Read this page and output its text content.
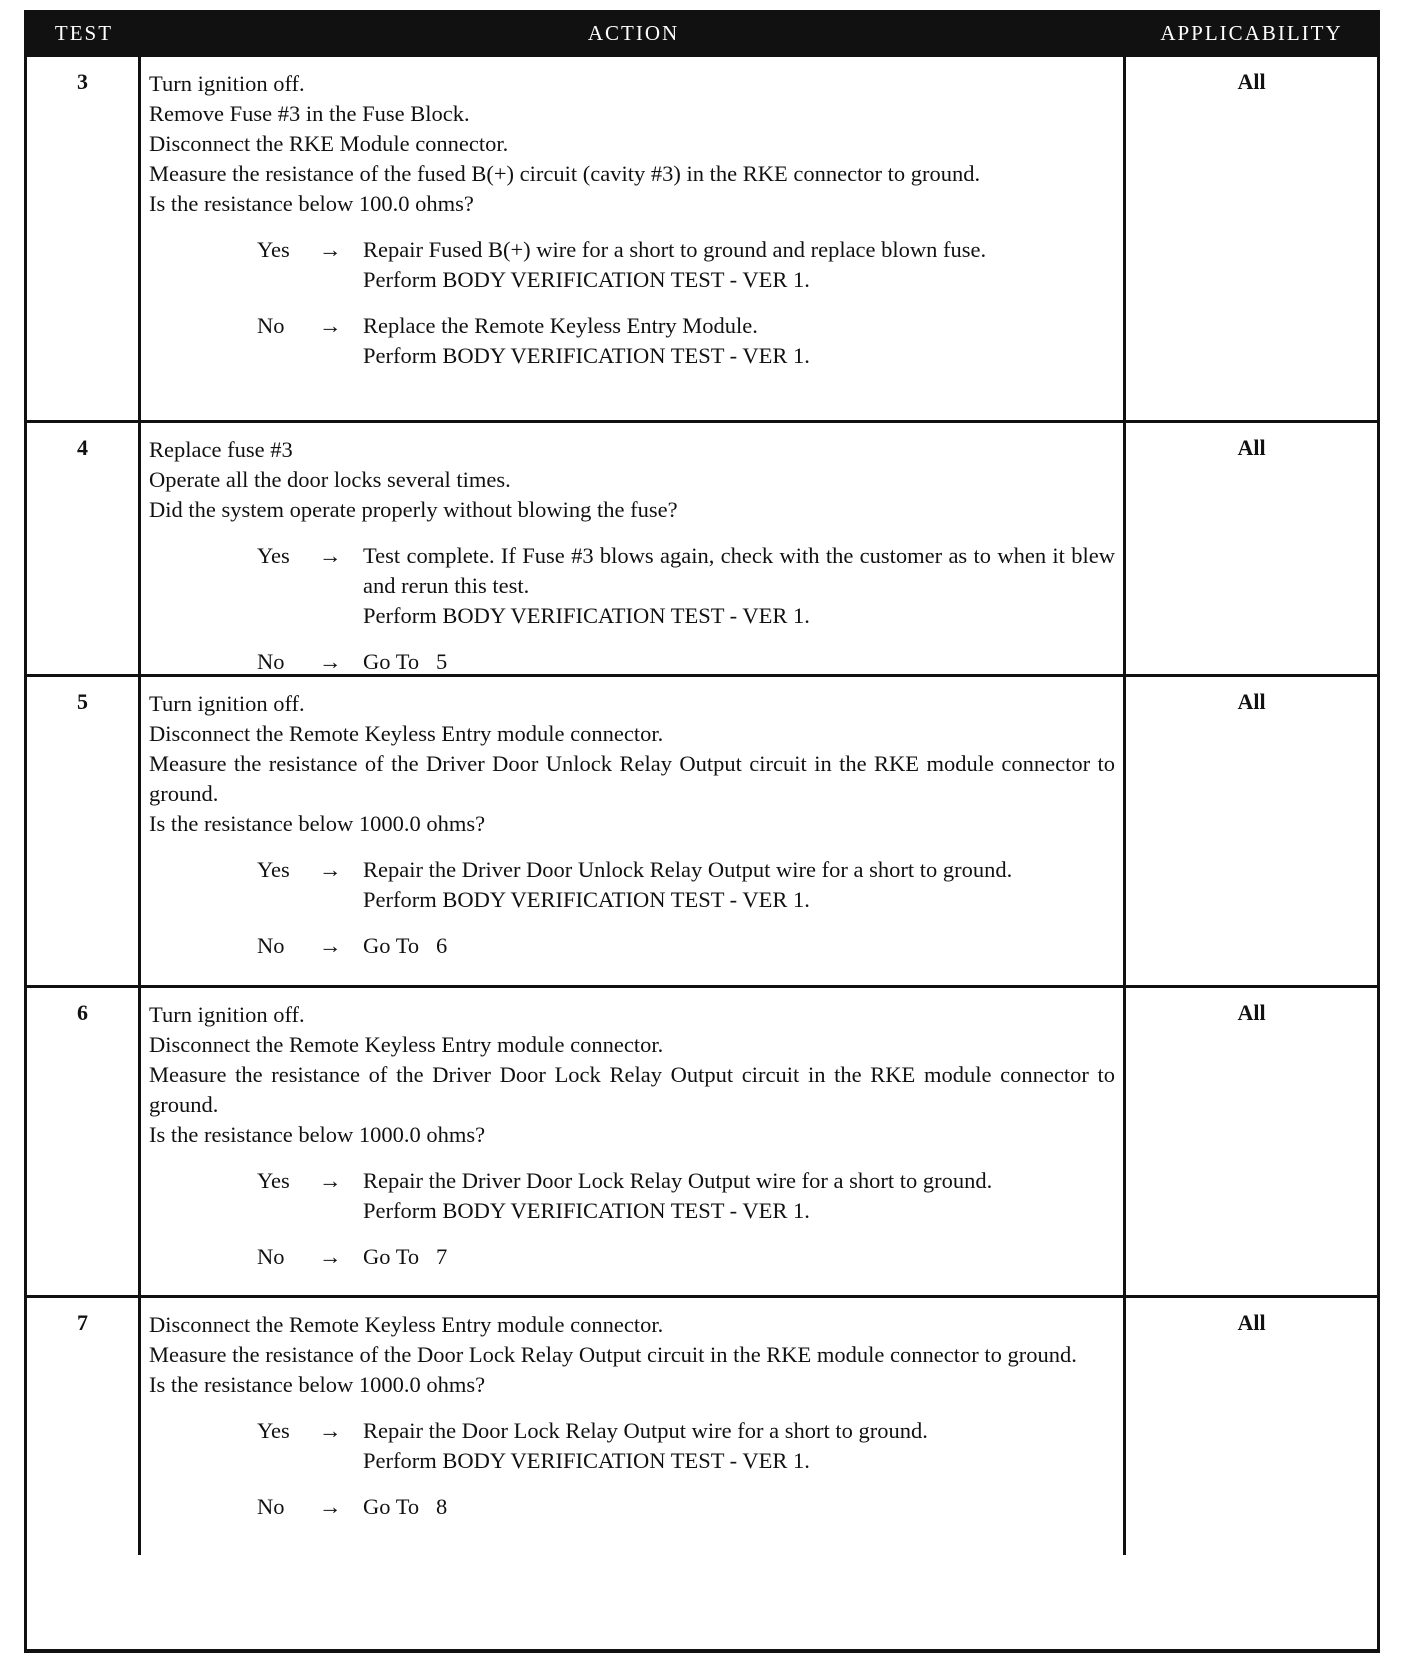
TEST	ACTION	APPLICABILITY
3	Turn ignition off.
Remove Fuse #3 in the Fuse Block.
Disconnect the RKE Module connector.
Measure the resistance of the fused B(+) circuit (cavity #3) in the RKE connector to ground.
Is the resistance below 100.0 ohms?
Yes	→ Repair Fused B(+) wire for a short to ground and replace blown fuse.
Perform BODY VERIFICATION TEST - VER 1.
No	→ Replace the Remote Keyless Entry Module.
Perform BODY VERIFICATION TEST - VER 1.
All
4	Replace fuse #3
Operate all the door locks several times.
Did the system operate properly without blowing the fuse?
Yes	→ Test complete. If Fuse #3 blows again, check with the customer as to when it blew and rerun this test.
Perform BODY VERIFICATION TEST - VER 1.
No	→ Go To   5
All
5	Turn ignition off.
Disconnect the Remote Keyless Entry module connector.
Measure the resistance of the Driver Door Unlock Relay Output circuit in the RKE module connector to ground.
Is the resistance below 1000.0 ohms?
Yes	→ Repair the Driver Door Unlock Relay Output wire for a short to ground.
Perform BODY VERIFICATION TEST - VER 1.
No	→ Go To   6
All
6	Turn ignition off.
Disconnect the Remote Keyless Entry module connector.
Measure the resistance of the Driver Door Lock Relay Output circuit in the RKE module connector to ground.
Is the resistance below 1000.0 ohms?
Yes	→ Repair the Driver Door Lock Relay Output wire for a short to ground.
Perform BODY VERIFICATION TEST - VER 1.
No	→ Go To   7
All
7	Disconnect the Remote Keyless Entry module connector.
Measure the resistance of the Door Lock Relay Output circuit in the RKE module connector to ground.
Is the resistance below 1000.0 ohms?
Yes	→ Repair the Door Lock Relay Output wire for a short to ground.
Perform BODY VERIFICATION TEST - VER 1.
No	→ Go To   8
All
